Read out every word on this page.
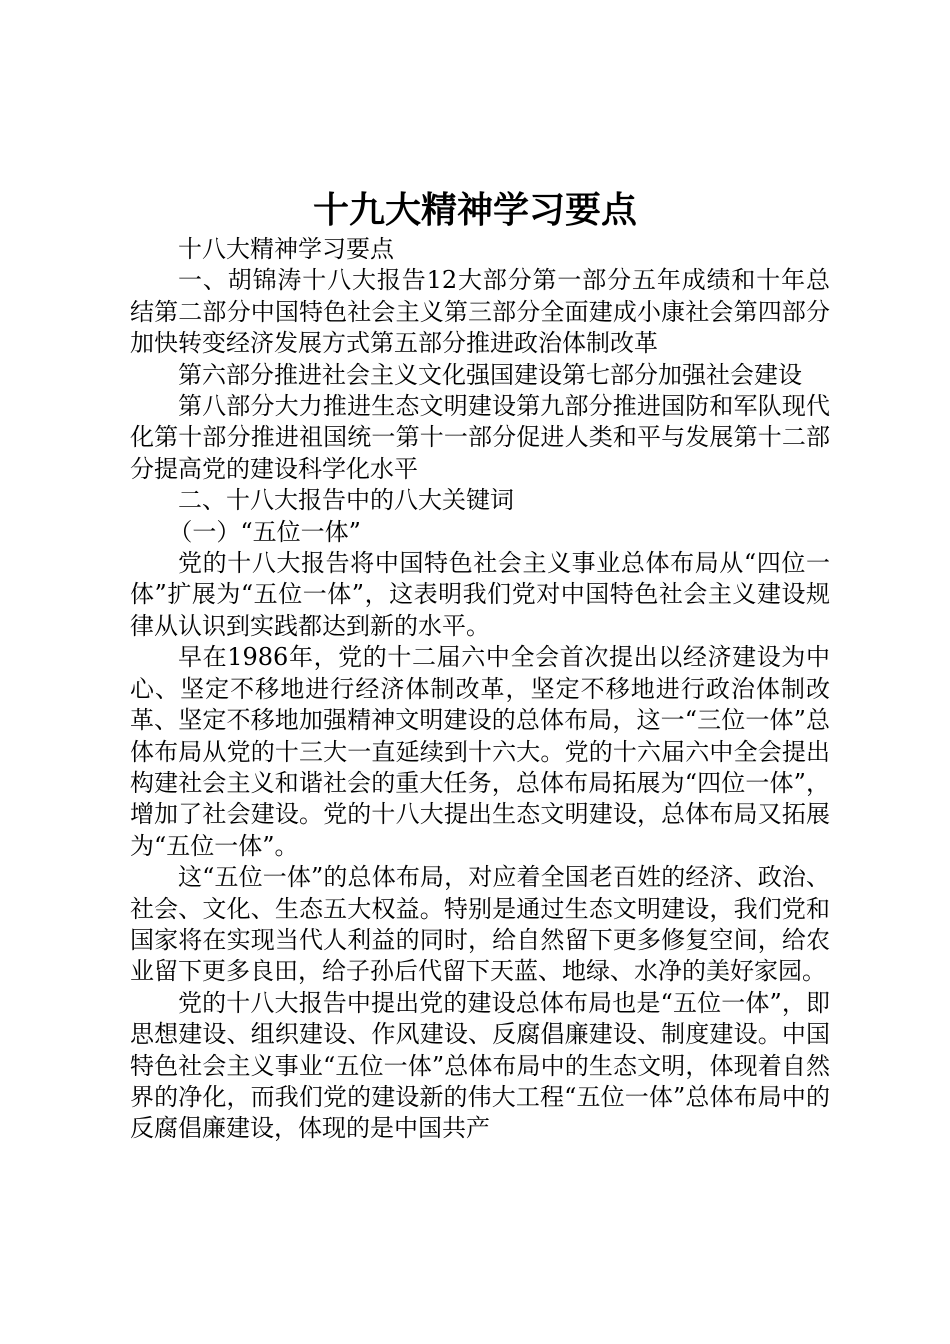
十九大精神学习要点

十八大精神学习要点

一、胡锦涛十八大报告12大部分第一部分五年成绩和十年总结第二部分中国特色社会主义第三部分全面建成小康社会第四部分加快转变经济发展方式第五部分推进政治体制改革

第六部分推进社会主义文化强国建设第七部分加强社会建设

第八部分大力推进生态文明建设第九部分推进国防和军队现代化第十部分推进祖国统一第十一部分促进人类和平与发展第十二部分提高党的建设科学化水平

二、十八大报告中的八大关键词

（一）“五位一体”

党的十八大报告将中国特色社会主义事业总体布局从“四位一体”扩展为“五位一体”，这表明我们党对中国特色社会主义建设规律从认识到实践都达到新的水平。

早在1986年，党的十二届六中全会首次提出以经济建设为中心、坚定不移地进行经济体制改革，坚定不移地进行政治体制改革、坚定不移地加强精神文明建设的总体布局，这一“三位一体”总体布局从党的十三大一直延续到十六大。党的十六届六中全会提出构建社会主义和谐社会的重大任务，总体布局拓展为“四位一体”，增加了社会建设。党的十八大提出生态文明建设，总体布局又拓展为“五位一体”。

这“五位一体”的总体布局，对应着全国老百姓的经济、政治、社会、文化、生态五大权益。特别是通过生态文明建设，我们党和国家将在实现当代人利益的同时，给自然留下更多修复空间，给农业留下更多良田，给子孙后代留下天蓝、地绿、水净的美好家园。

党的十八大报告中提出党的建设总体布局也是“五位一体”，即思想建设、组织建设、作风建设、反腐倡廉建设、制度建设。中国特色社会主义事业“五位一体”总体布局中的生态文明，体现着自然界的净化，而我们党的建设新的伟大工程“五位一体”总体布局中的反腐倡廉建设，体现的是中国共产
